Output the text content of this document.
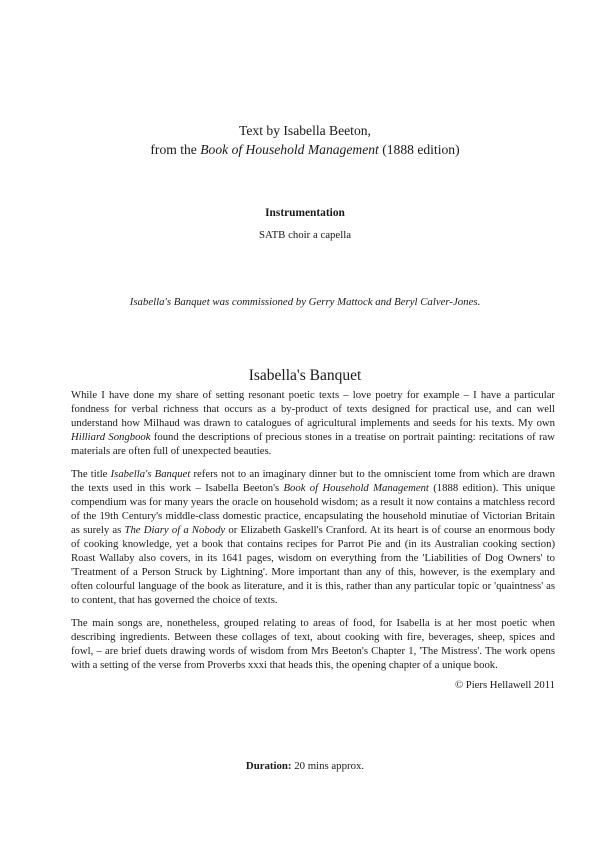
Text by Isabella Beeton,
from the Book of Household Management (1888 edition)
Instrumentation
SATB choir a capella
Isabella's Banquet was commissioned by Gerry Mattock and Beryl Calver-Jones.
Isabella's Banquet

While I have done my share of setting resonant poetic texts – love poetry for example – I have a particular fondness for verbal richness that occurs as a by-product of texts designed for practical use, and can well understand how Milhaud was drawn to catalogues of agricultural implements and seeds for his texts. My own Hilliard Songbook found the descriptions of precious stones in a treatise on portrait painting: recitations of raw materials are often full of unexpected beauties.

The title Isabella's Banquet refers not to an imaginary dinner but to the omniscient tome from which are drawn the texts used in this work – Isabella Beeton's Book of Household Management (1888 edition). This unique compendium was for many years the oracle on household wisdom; as a result it now contains a matchless record of the 19th Century's middle-class domestic practice, encapsulating the household minutiae of Victorian Britain as surely as The Diary of a Nobody or Elizabeth Gaskell's Cranford. At its heart is of course an enormous body of cooking knowledge, yet a book that contains recipes for Parrot Pie and (in its Australian cooking section) Roast Wallaby also covers, in its 1641 pages, wisdom on everything from the 'Liabilities of Dog Owners' to 'Treatment of a Person Struck by Lightning'. More important than any of this, however, is the exemplary and often colourful language of the book as literature, and it is this, rather than any particular topic or 'quaintness' as to content, that has governed the choice of texts.

The main songs are, nonetheless, grouped relating to areas of food, for Isabella is at her most poetic when describing ingredients. Between these collages of text, about cooking with fire, beverages, sheep, spices and fowl, – are brief duets drawing words of wisdom from Mrs Beeton's Chapter 1, 'The Mistress'. The work opens with a setting of the verse from Proverbs xxxi that heads this, the opening chapter of a unique book.

© Piers Hellawell 2011
Duration: 20 mins approx.
